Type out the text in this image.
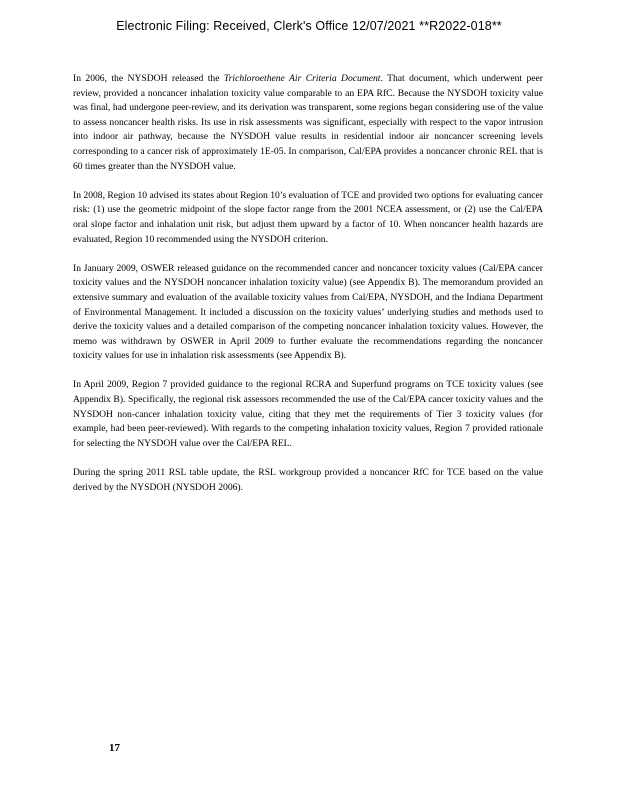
Electronic Filing: Received, Clerk's Office 12/07/2021 **R2022-018**

In 2006, the NYSDOH released the Trichloroethene Air Criteria Document. That document, which underwent peer review, provided a noncancer inhalation toxicity value comparable to an EPA RfC. Because the NYSDOH toxicity value was final, had undergone peer-review, and its derivation was transparent, some regions began considering use of the value to assess noncancer health risks. Its use in risk assessments was significant, especially with respect to the vapor intrusion into indoor air pathway, because the NYSDOH value results in residential indoor air noncancer screening levels corresponding to a cancer risk of approximately 1E-05. In comparison, Cal/EPA provides a noncancer chronic REL that is 60 times greater than the NYSDOH value.

In 2008, Region 10 advised its states about Region 10’s evaluation of TCE and provided two options for evaluating cancer risk: (1) use the geometric midpoint of the slope factor range from the 2001 NCEA assessment, or (2) use the Cal/EPA oral slope factor and inhalation unit risk, but adjust them upward by a factor of 10. When noncancer health hazards are evaluated, Region 10 recommended using the NYSDOH criterion.

In January 2009, OSWER released guidance on the recommended cancer and noncancer toxicity values (Cal/EPA cancer toxicity values and the NYSDOH noncancer inhalation toxicity value) (see Appendix B). The memorandum provided an extensive summary and evaluation of the available toxicity values from Cal/EPA, NYSDOH, and the Indiana Department of Environmental Management. It included a discussion on the toxicity values’ underlying studies and methods used to derive the toxicity values and a detailed comparison of the competing noncancer inhalation toxicity values. However, the memo was withdrawn by OSWER in April 2009 to further evaluate the recommendations regarding the noncancer toxicity values for use in inhalation risk assessments (see Appendix B).

In April 2009, Region 7 provided guidance to the regional RCRA and Superfund programs on TCE toxicity values (see Appendix B). Specifically, the regional risk assessors recommended the use of the Cal/EPA cancer toxicity values and the NYSDOH non-cancer inhalation toxicity value, citing that they met the requirements of Tier 3 toxicity values (for example, had been peer-reviewed). With regards to the competing inhalation toxicity values, Region 7 provided rationale for selecting the NYSDOH value over the Cal/EPA REL.

During the spring 2011 RSL table update, the RSL workgroup provided a noncancer RfC for TCE based on the value derived by the NYSDOH (NYSDOH 2006).

17
